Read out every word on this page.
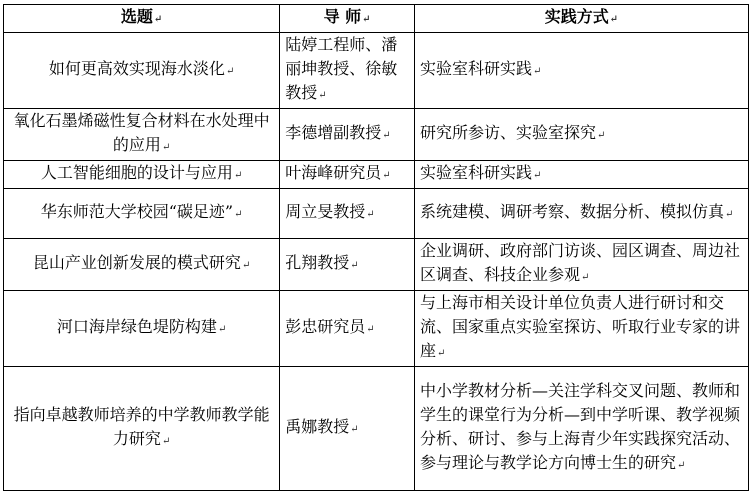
选题↵	导 师↵	实践方式↵
如何更高效实现海水淡化↵	陆婷工程师、潘丽坤教授、徐敏教授↵	实验室科研实践↵
氧化石墨烯磁性复合材料在水处理中的应用↵	李德增副教授↵	研究所参访、实验室探究↵
人工智能细胞的设计与应用↵	叶海峰研究员↵	实验室科研实践↵
华东师范大学校园“碳足迹”↵	周立旻教授↵	系统建模、调研考察、数据分析、模拟仿真↵
昆山产业创新发展的模式研究↵	孔翔教授↵	企业调研、政府部门访谈、园区调查、周边社区调查、科技企业参观↵
河口海岸绿色堤防构建↵	彭忠研究员↵	与上海市相关设计单位负责人进行研讨和交流、国家重点实验室探访、听取行业专家的讲座↵
指向卓越教师培养的中学教师教学能力研究↵	禹娜教授↵	中小学教材分析—关注学科交叉问题、教师和学生的课堂行为分析—到中学听课、教学视频分析、研讨、参与上海青少年实践探究活动、参与理论与教学论方向博士生的研究↵
